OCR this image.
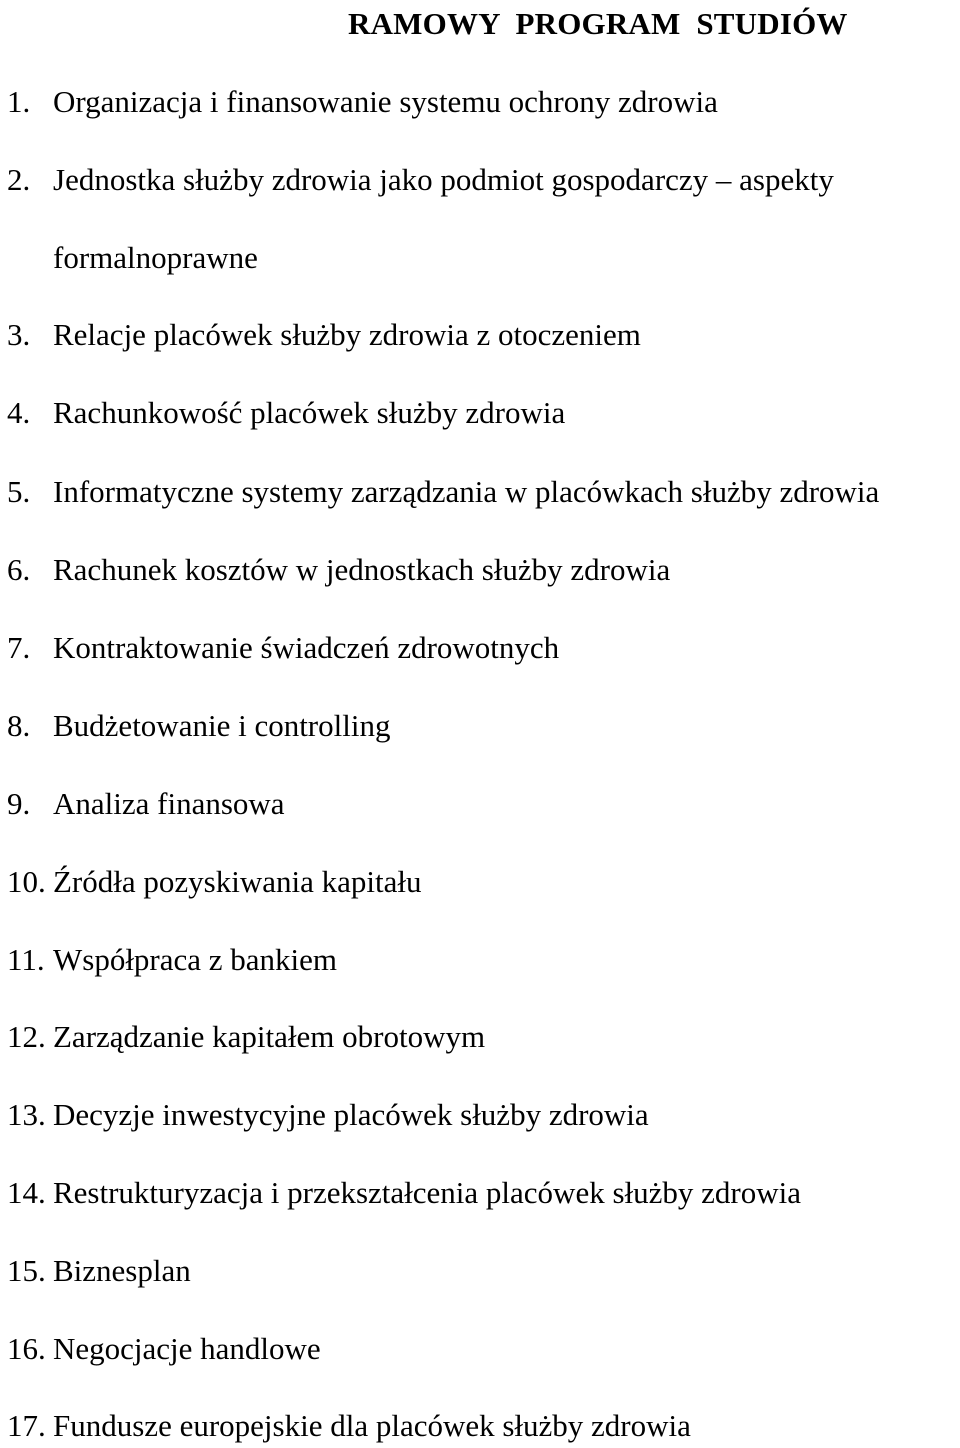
RAMOWY  PROGRAM  STUDIÓW
1. Organizacja i finansowanie systemu ochrony zdrowia
2. Jednostka służby zdrowia jako podmiot gospodarczy – aspekty
formalnoprawne
3. Relacje placówek służby zdrowia z otoczeniem
4. Rachunkowość placówek służby zdrowia
5. Informatyczne systemy zarządzania w placówkach służby zdrowia
6. Rachunek kosztów w jednostkach służby zdrowia
7. Kontraktowanie świadczeń zdrowotnych
8. Budżetowanie i controlling
9. Analiza finansowa
10. Źródła pozyskiwania kapitału
11. Współpraca z bankiem
12. Zarządzanie kapitałem obrotowym
13. Decyzje inwestycyjne placówek służby zdrowia
14. Restrukturyzacja i przekształcenia placówek służby zdrowia
15. Biznesplan
16. Negocjacje handlowe
17. Fundusze europejskie dla placówek służby zdrowia
